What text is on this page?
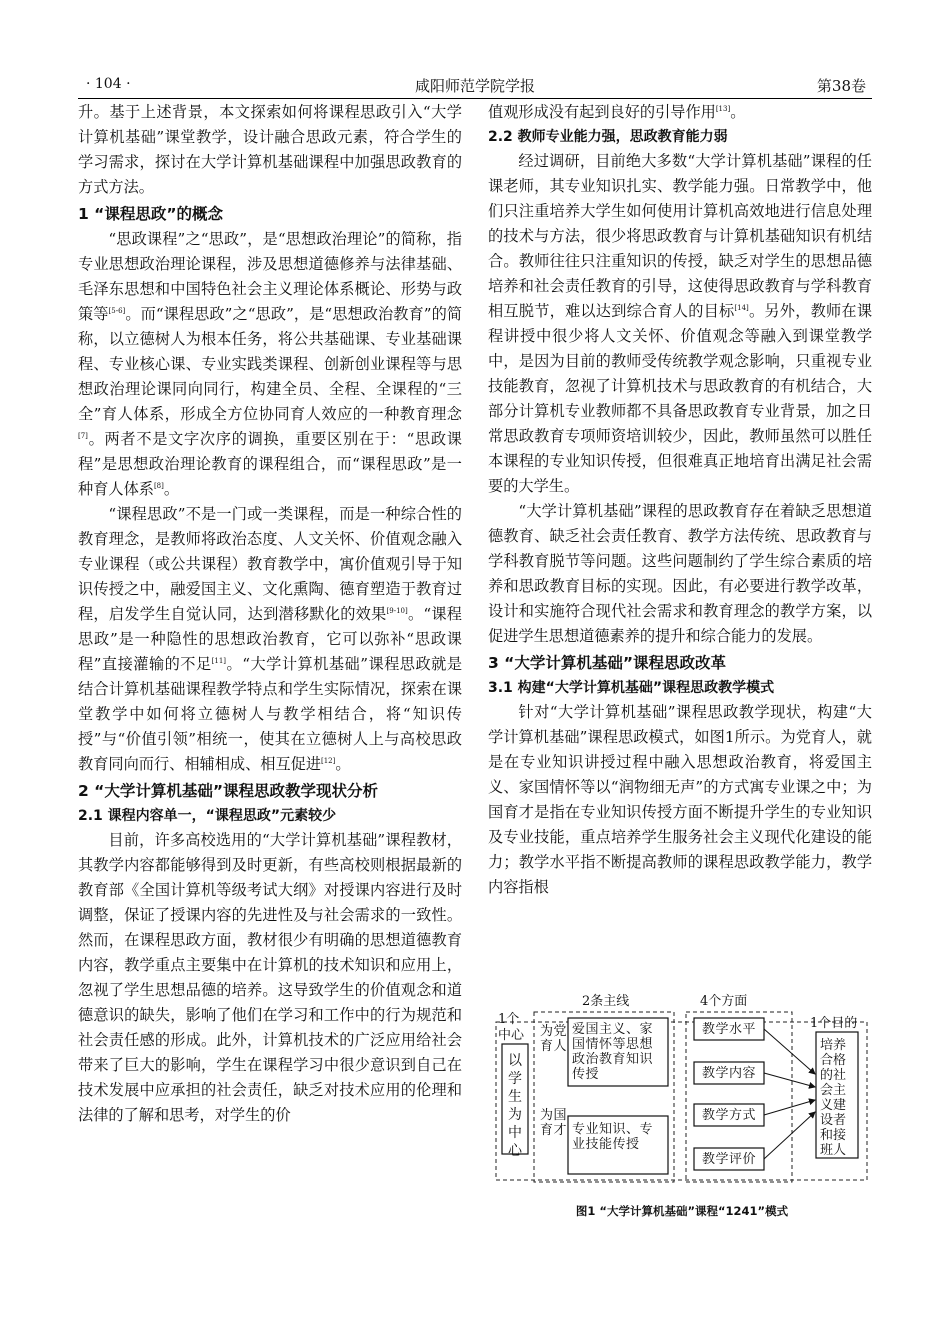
· 104 ·	咸阳师范学院学报	第38卷

升。基于上述背景，本文探索如何将课程思政引入“大学计算机基础”课堂教学，设计融合思政元素，符合学生的学习需求，探讨在大学计算机基础课程中加强思政教育的方式方法。

1 “课程思政”的概念

“思政课程”之“思政”，是“思想政治理论”的简称，指专业思想政治理论课程，涉及思想道德修养与法律基础、毛泽东思想和中国特色社会主义理论体系概论、形势与政策等[5-6]。而“课程思政”之“思政”，是“思想政治教育”的简称，以立德树人为根本任务，将公共基础课、专业基础课程、专业核心课、专业实践类课程、创新创业课程等与思想政治理论课同向同行，构建全员、全程、全课程的“三全”育人体系，形成全方位协同育人效应的一种教育理念[7]。两者不是文字次序的调换，重要区别在于：“思政课程”是思想政治理论教育的课程组合，而“课程思政”是一种育人体系[8]。

“课程思政”不是一门或一类课程，而是一种综合性的教育理念，是教师将政治态度、人文关怀、价值观念融入专业课程（或公共课程）教育教学中，寓价值观引导于知识传授之中，融爱国主义、文化熏陶、德育塑造于教育过程，启发学生自觉认同，达到潜移默化的效果[9-10]。“课程思政”是一种隐性的思想政治教育，它可以弥补“思政课程”直接灌输的不足[11]。“大学计算机基础”课程思政就是结合计算机基础课程教学特点和学生实际情况，探索在课堂教学中如何将立德树人与教学相结合，将“知识传授”与“价值引领”相统一，使其在立德树人上与高校思政教育同向而行、相辅相成、相互促进[12]。

2 “大学计算机基础”课程思政教学现状分析
2.1 课程内容单一，“课程思政”元素较少

目前，许多高校选用的“大学计算机基础”课程教材，其教学内容都能够得到及时更新，有些高校则根据最新的教育部《全国计算机等级考试大纲》对授课内容进行及时调整，保证了授课内容的先进性及与社会需求的一致性。然而，在课程思政方面，教材很少有明确的思想道德教育内容，教学重点主要集中在计算机的技术知识和应用上，忽视了学生思想品德的培养。这导致学生的价值观念和道德意识的缺失，影响了他们在学习和工作中的行为规范和社会责任感的形成。此外，计算机技术的广泛应用给社会带来了巨大的影响，学生在课程学习中很少意识到自己在技术发展中应承担的社会责任，缺乏对技术应用的伦理和法律的了解和思考，对学生的价

值观形成没有起到良好的引导作用[13]。

2.2 教师专业能力强，思政教育能力弱

经过调研，目前绝大多数“大学计算机基础”课程的任课老师，其专业知识扎实、教学能力强。日常教学中，他们只注重培养大学生如何使用计算机高效地进行信息处理的技术与方法，很少将思政教育与计算机基础知识有机结合。教师往往只注重知识的传授，缺乏对学生的思想品德培养和社会责任教育的引导，这使得思政教育与学科教育相互脱节，难以达到综合育人的目标[14]。另外，教师在课程讲授中很少将人文关怀、价值观念等融入到课堂教学中，是因为目前的教师受传统教学观念影响，只重视专业技能教育，忽视了计算机技术与思政教育的有机结合，大部分计算机专业教师都不具备思政教育专业背景，加之日常思政教育专项师资培训较少，因此，教师虽然可以胜任本课程的专业知识传授，但很难真正地培育出满足社会需要的大学生。

“大学计算机基础”课程的思政教育存在着缺乏思想道德教育、缺乏社会责任教育、教学方法传统、思政教育与学科教育脱节等问题。这些问题制约了学生综合素质的培养和思政教育目标的实现。因此，有必要进行教学改革，设计和实施符合现代社会需求和教育理念的教学方案，以促进学生思想道德素养的提升和综合能力的发展。

3 “大学计算机基础”课程思政改革
3.1 构建“大学计算机基础”课程思政教学模式

针对“大学计算机基础”课程思政教学现状，构建“大学计算机基础”课程思政模式，如图1所示。为党育人，就是在专业知识讲授过程中融入思想政治教育，将爱国主义、家国情怀等以“润物细无声”的方式寓专业课之中；为国育才是指在专业知识传授方面不断提升学生的专业知识及专业技能，重点培养学生服务社会主义现代化建设的能力；教学水平指不断提高教师的课程思政教学能力，教学内容指根

1个
中心
2条主线	4个方面
1个目的
以学生为中心
为党育人
爱国主义、家国情怀等思想政治教育知识传授
为国育才 专业知识、专业技能传授
教学水平
教学内容
教学方式
教学评价
培养合格的社会主义建设者和接班人
图1 “大学计算机基础”课程“1241”模式
